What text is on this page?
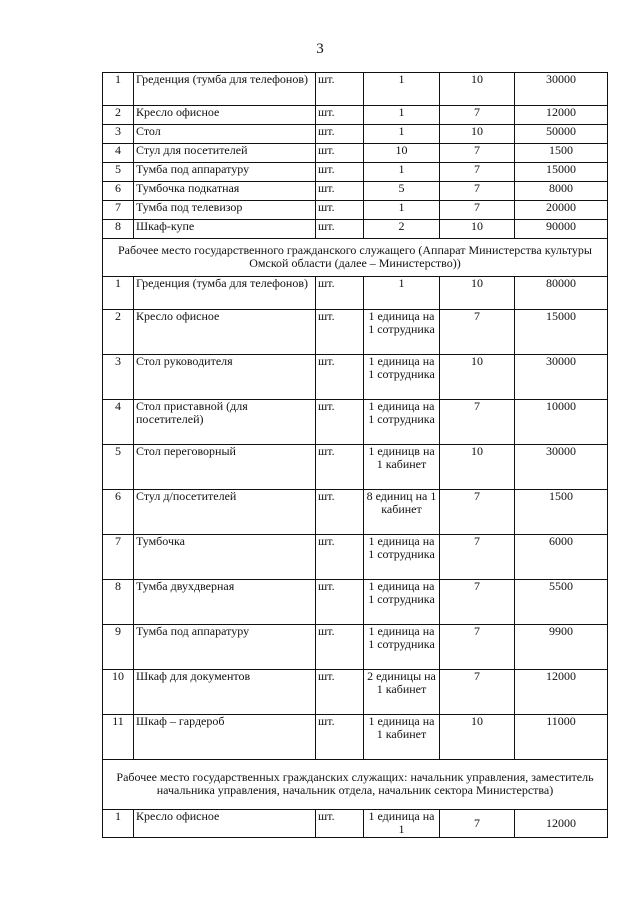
3
1	Греденция (тумба для телефонов)	шт.	1	10	30000
2	Кресло офисное	шт.	1	7	12000
3	Стол	шт.	1	10	50000
4	Стул для посетителей	шт.	10	7	1500
5	Тумба под аппаратуру	шт.	1	7	15000
6	Тумбочка подкатная	шт.	5	7	8000
7	Тумба под телевизор	шт.	1	7	20000
8	Шкаф-купе	шт.	2	10	90000
Рабочее место государственного гражданского служащего (Аппарат Министерства культуры Омской области (далее – Министерство))					
1	Греденция (тумба для телефонов)	шт.	1	10	80000
2	Кресло офисное	шт.	1 единица на 1 сотрудника	7	15000
3	Стол руководителя	шт.	1 единица на 1 сотрудника	10	30000
4	Стол приставной (для посетителей)	шт.	1 единица на 1 сотрудника	7	10000
5	Стол переговорный	шт.	1 единицв на 1 кабинет	10	30000
6	Стул д/посетителей	шт.	8 единиц на 1 кабинет	7	1500
7	Тумбочка	шт.	1 единица на 1 сотрудника	7	6000
8	Тумба двухдверная	шт.	1 единица на 1 сотрудника	7	5500
9	Тумба под аппаратуру	шт.	1 единица на 1 сотрудника	7	9900
10	Шкаф для документов	шт.	2 единицы на 1 кабинет	7	12000
11	Шкаф – гардероб	шт.	1 единица на 1 кабинет	10	11000
Рабочее место государственных гражданских служащих: начальник управления, заместитель начальника управления, начальник отдела, начальник сектора Министерства)					
1	Кресло офисное	шт.	1 единица на 1	7	12000
